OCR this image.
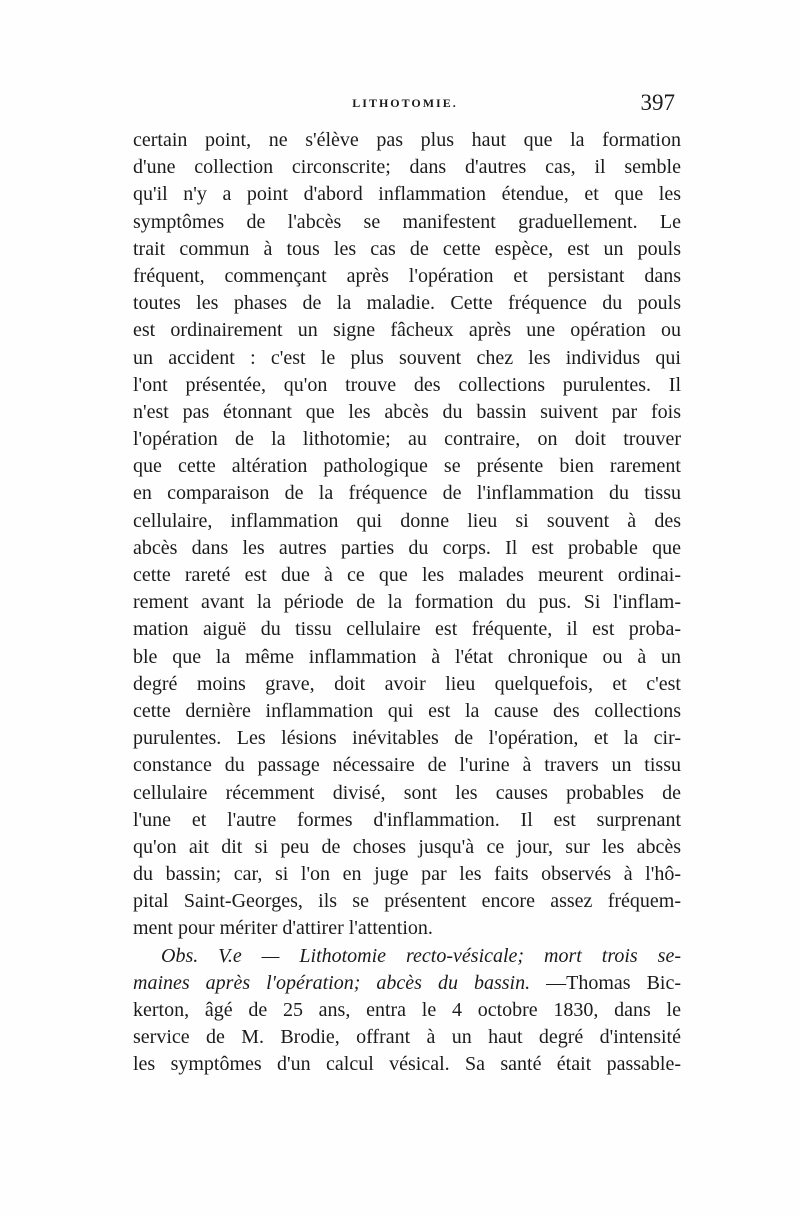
LITHOTOMIE.	397
certain point, ne s'élève pas plus haut que la formation
d'une collection circonscrite; dans d'autres cas, il semble
qu'il n'y a point d'abord inflammation étendue, et que les
symptômes de l'abcès se manifestent graduellement. Le
trait commun à tous les cas de cette espèce, est un pouls
fréquent, commençant après l'opération et persistant dans
toutes les phases de la maladie. Cette fréquence du pouls
est ordinairement un signe fâcheux après une opération ou
un accident : c'est le plus souvent chez les individus qui
l'ont présentée, qu'on trouve des collections purulentes. Il
n'est pas étonnant que les abcès du bassin suivent par fois
l'opération de la lithotomie; au contraire, on doit trouver
que cette altération pathologique se présente bien rarement
en comparaison de la fréquence de l'inflammation du tissu
cellulaire, inflammation qui donne lieu si souvent à des
abcès dans les autres parties du corps. Il est probable que
cette rareté est due à ce que les malades meurent ordinai-
rement avant la période de la formation du pus. Si l'inflam-
mation aiguë du tissu cellulaire est fréquente, il est proba-
ble que la même inflammation à l'état chronique ou à un
degré moins grave, doit avoir lieu quelquefois, et c'est
cette dernière inflammation qui est la cause des collections
purulentes. Les lésions inévitables de l'opération, et la cir-
constance du passage nécessaire de l'urine à travers un tissu
cellulaire récemment divisé, sont les causes probables de
l'une et l'autre formes d'inflammation. Il est surprenant
qu'on ait dit si peu de choses jusqu'à ce jour, sur les abcès
du bassin; car, si l'on en juge par les faits observés à l'hô-
pital Saint-Georges, ils se présentent encore assez fréquem-
ment pour mériter d'attirer l'attention.
Obs. V.e — Lithotomie recto-vésicale; mort trois se-
maines après l'opération; abcès du bassin. —Thomas Bic-
kerton, âgé de 25 ans, entra le 4 octobre 1830, dans le
service de M. Brodie, offrant à un haut degré d'intensité
les symptômes d'un calcul vésical. Sa santé était passable-
